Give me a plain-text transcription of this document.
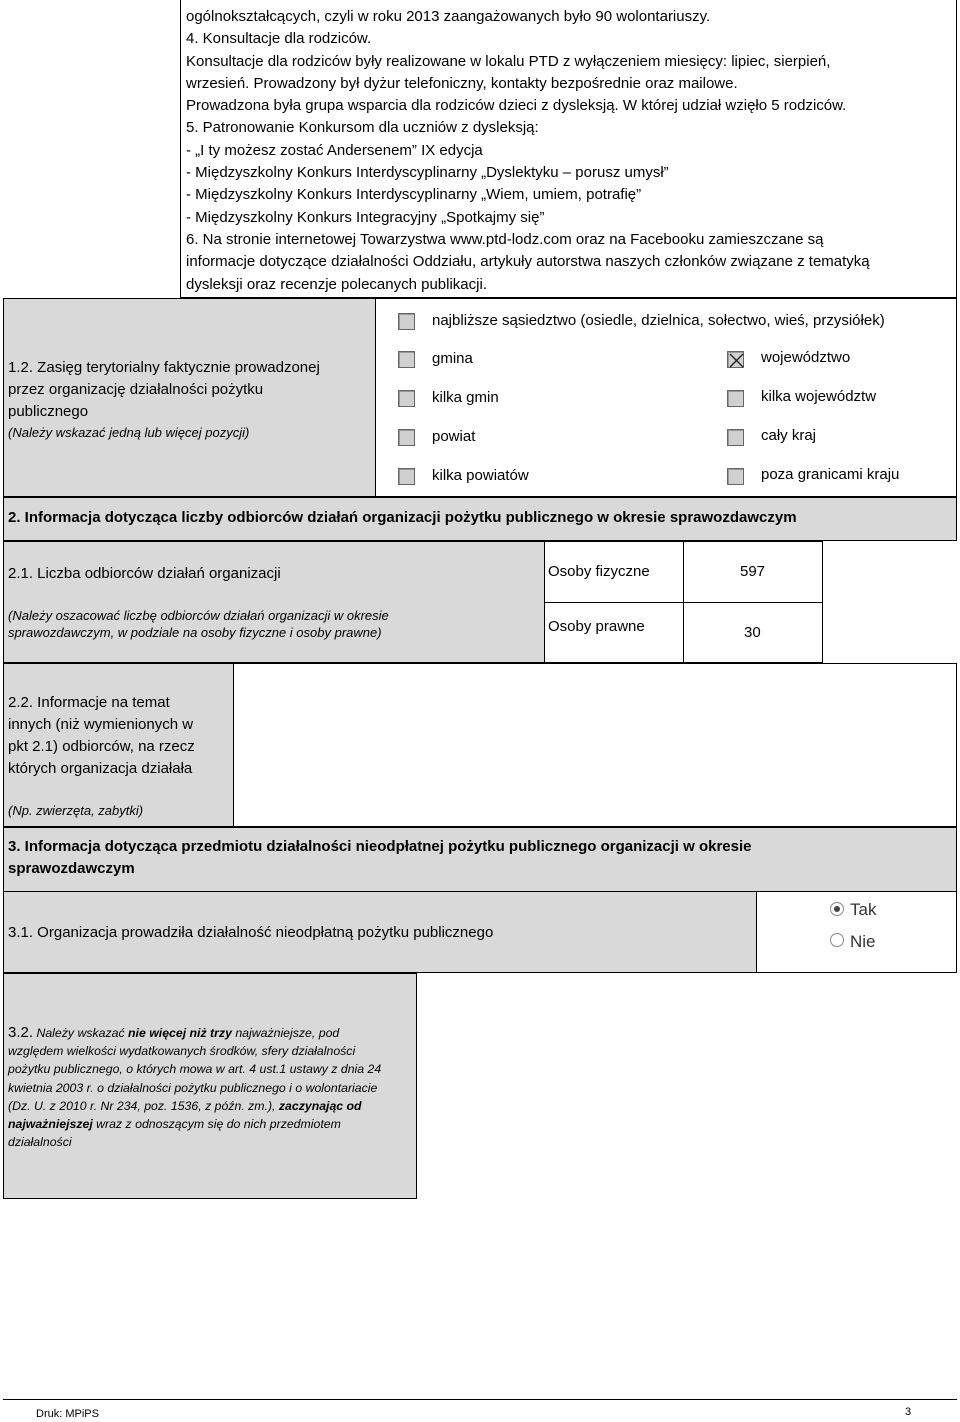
ogólnokształcących, czyli w roku 2013 zaangażowanych było 90 wolontariuszy.
4. Konsultacje dla rodziców.
Konsultacje dla rodziców były realizowane w lokalu PTD z wyłączeniem miesięcy: lipiec, sierpień,
wrzesień. Prowadzony był dyżur telefoniczny, kontakty bezpośrednie oraz mailowe.
Prowadzona była grupa wsparcia dla rodziców dzieci z dysleksją. W której udział wzięło 5 rodziców.
5. Patronowanie Konkursom dla uczniów z dysleksją:
- „I ty możesz zostać Andersenem” IX edycja
- Międzyszkolny Konkurs Interdyscyplinarny „Dyslektyku – porusz umysł”
- Międzyszkolny Konkurs Interdyscyplinarny „Wiem, umiem, potrafię”
- Międzyszkolny Konkurs Integracyjny „Spotkajmy się”
6. Na stronie internetowej Towarzystwa www.ptd-lodz.com oraz na Facebooku zamieszczane są
informacje dotyczące działalności Oddziału, artykuły autorstwa naszych członków związane z tematyką
dysleksji oraz recenzje polecanych publikacji.
1.2. Zasięg terytorialny faktycznie prowadzonej
przez organizację działalności pożytku
publicznego
(Należy wskazać jedną lub więcej pozycji)
najbliższe sąsiedztwo (osiedle, dzielnica, sołectwo, wieś, przysiółek)
gmina
kilka gmin
powiat
kilka powiatów
województwo
kilka województw
cały kraj
poza granicami kraju
2. Informacja dotycząca liczby odbiorców działań organizacji pożytku publicznego w okresie sprawozdawczym
2.1. Liczba odbiorców działań organizacji
(Należy oszacować liczbę odbiorców działań organizacji w okresie
sprawozdawczym, w podziale na osoby fizyczne i osoby prawne)
Osoby fizyczne	597
Osoby prawne	30
2.2. Informacje na temat
innych (niż wymienionych w
pkt 2.1) odbiorców, na rzecz
których organizacja działała
(Np. zwierzęta, zabytki)
3. Informacja dotycząca przedmiotu działalności nieodpłatnej pożytku publicznego organizacji w okresie
sprawozdawczym
3.1. Organizacja prowadziła działalność nieodpłatną pożytku publicznego
Tak
Nie
3.2. Należy wskazać nie więcej niż trzy najważniejsze, pod
względem wielkości wydatkowanych środków, sfery działalności
pożytku publicznego, o których mowa w art. 4 ust.1 ustawy z dnia 24
kwietnia 2003 r. o działalności pożytku publicznego i o wolontariacie
(Dz. U. z 2010 r. Nr 234, poz. 1536, z późn. zm.), zaczynając od
najważniejszej wraz z odnoszącym się do nich przedmiotem
działalności
Druk: MPiPS	3
